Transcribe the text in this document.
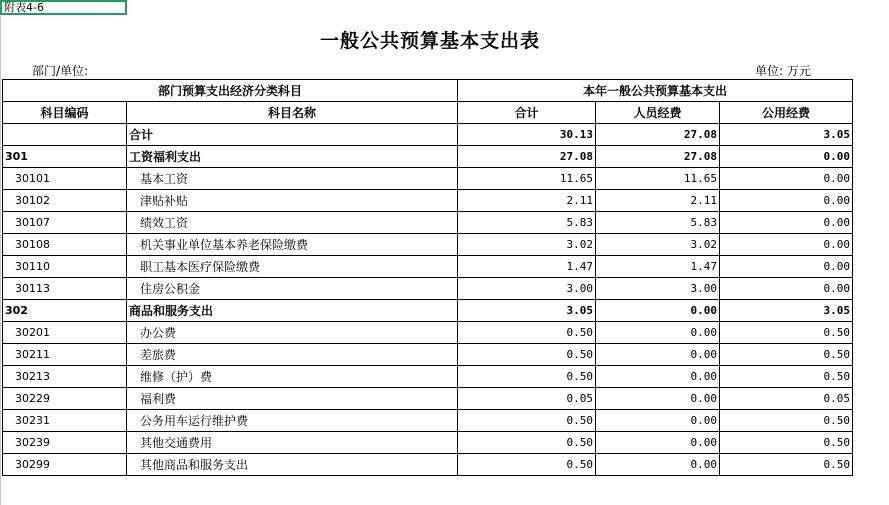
附表4-6
一般公共预算基本支出表
部门/单位:	单位: 万元
部门预算支出经济分类科目		本年一般公共预算基本支出		
科目编码	科目名称	合计	人员经费	公用经费
	合计	30.13	27.08	3.05
301	工资福利支出	27.08	27.08	0.00
30101	基本工资	11.65	11.65	0.00
30102	津贴补贴	2.11	2.11	0.00
30107	绩效工资	5.83	5.83	0.00
30108	机关事业单位基本养老保险缴费	3.02	3.02	0.00
30110	职工基本医疗保险缴费	1.47	1.47	0.00
30113	住房公积金	3.00	3.00	0.00
302	商品和服务支出	3.05	0.00	3.05
30201	办公费	0.50	0.00	0.50
30211	差旅费	0.50	0.00	0.50
30213	维修（护）费	0.50	0.00	0.50
30229	福利费	0.05	0.00	0.05
30231	公务用车运行维护费	0.50	0.00	0.50
30239	其他交通费用	0.50	0.00	0.50
30299	其他商品和服务支出	0.50	0.00	0.50
